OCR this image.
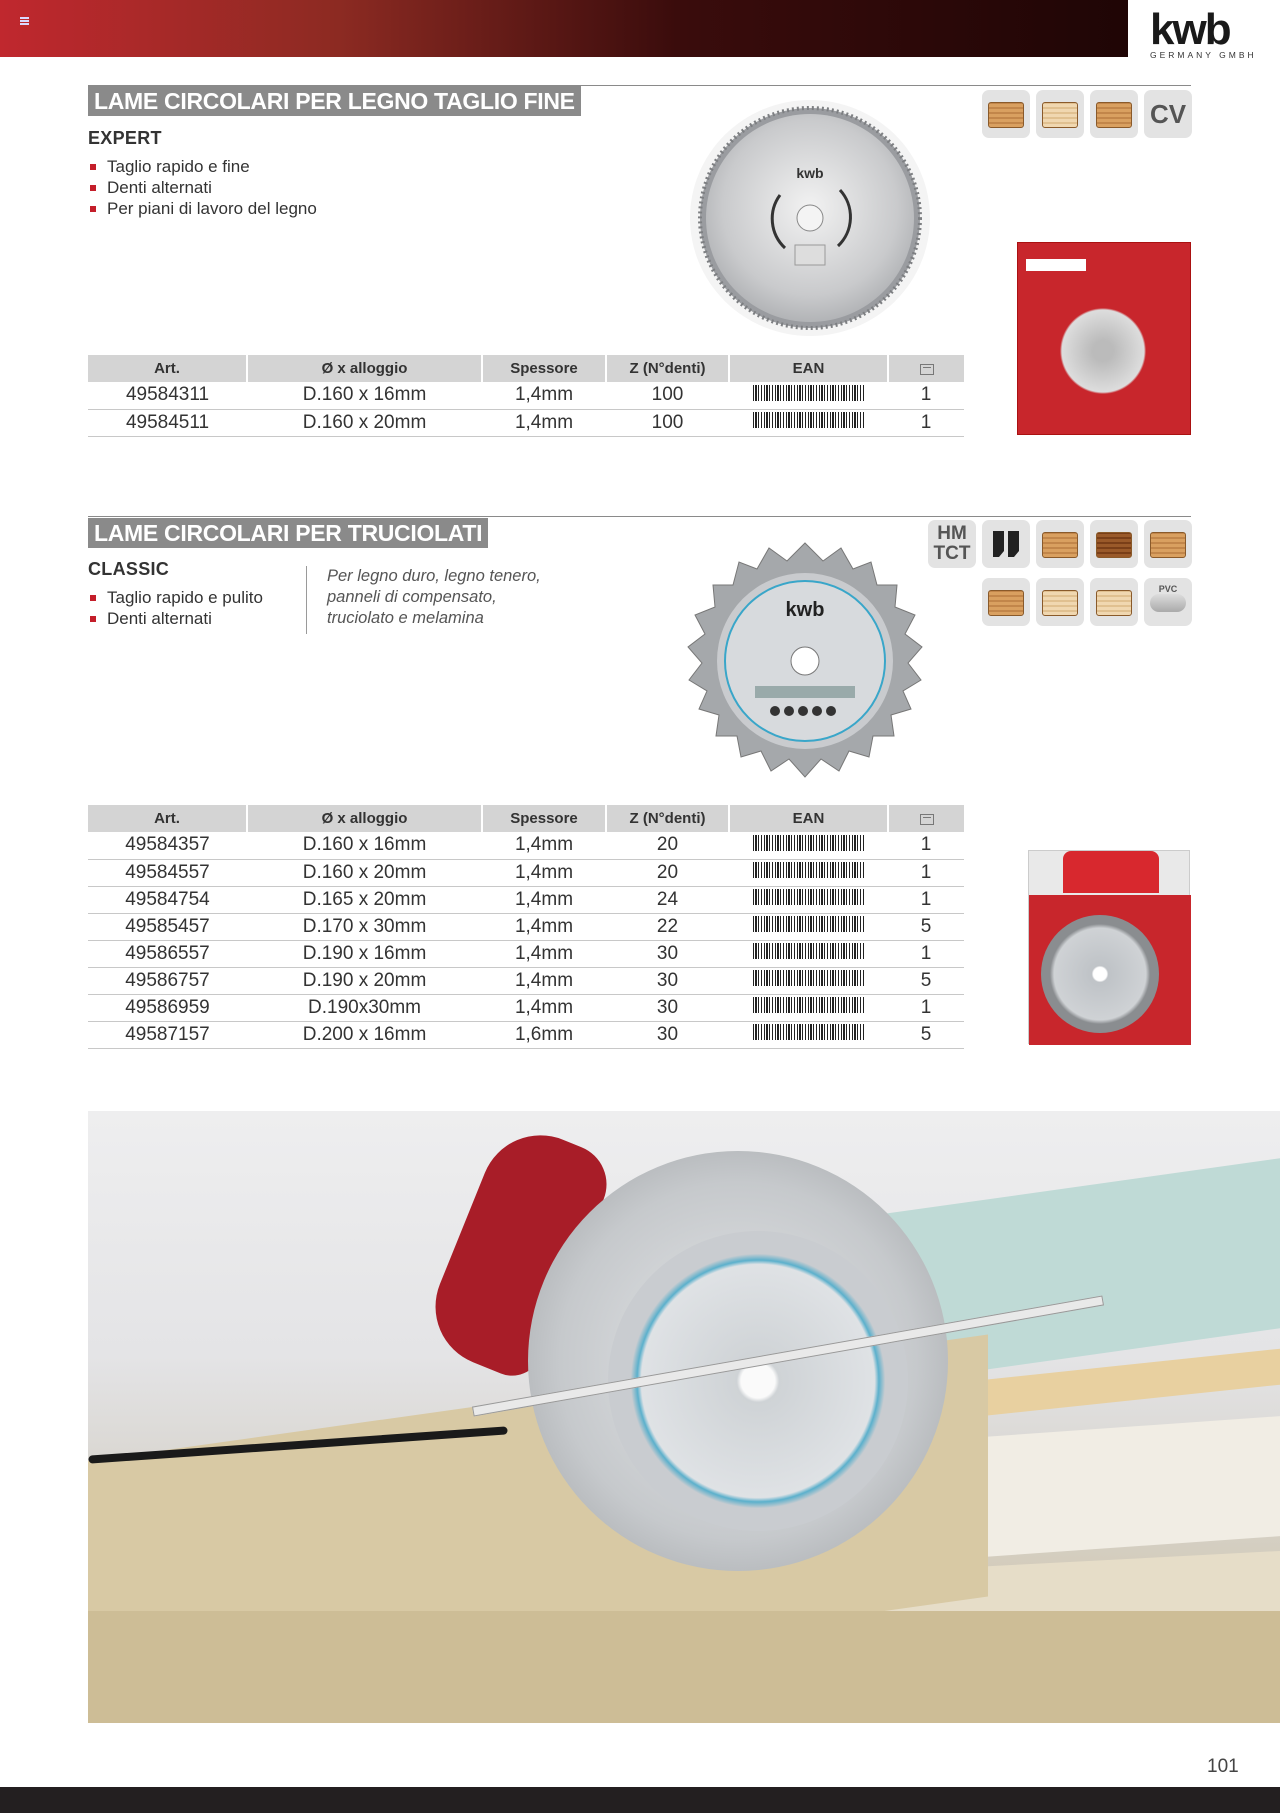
kwb
GERMANY GMBH
LAME CIRCOLARI PER LEGNO TAGLIO FINE
EXPERT
Taglio rapido e fine
Denti alternati
Per piani di lavoro del legno
kwb
CV
Art.	Ø x alloggio	Spessore	Z (N°denti)	EAN	
49584311	D.160 x 16mm	1,4mm	100		1
49584511	D.160 x 20mm	1,4mm	100		1
LAME CIRCOLARI PER TRUCIOLATI
CLASSIC
Taglio rapido e pulito
Denti alternati
Per legno duro, legno tenero,
panneli di compensato,
truciolato e melamina	kwb
HM
TCT
PVC
Art.	Ø x alloggio	Spessore	Z (N°denti)	EAN	
49584357	D.160 x 16mm	1,4mm	20		1
49584557	D.160 x 20mm	1,4mm	20		1
49584754	D.165 x 20mm	1,4mm	24		1
49585457	D.170 x 30mm	1,4mm	22		5
49586557	D.190 x 16mm	1,4mm	30		1
49586757	D.190 x 20mm	1,4mm	30		5
49586959	D.190x30mm	1,4mm	30		1
49587157	D.200 x 16mm	1,6mm	30		5
101
